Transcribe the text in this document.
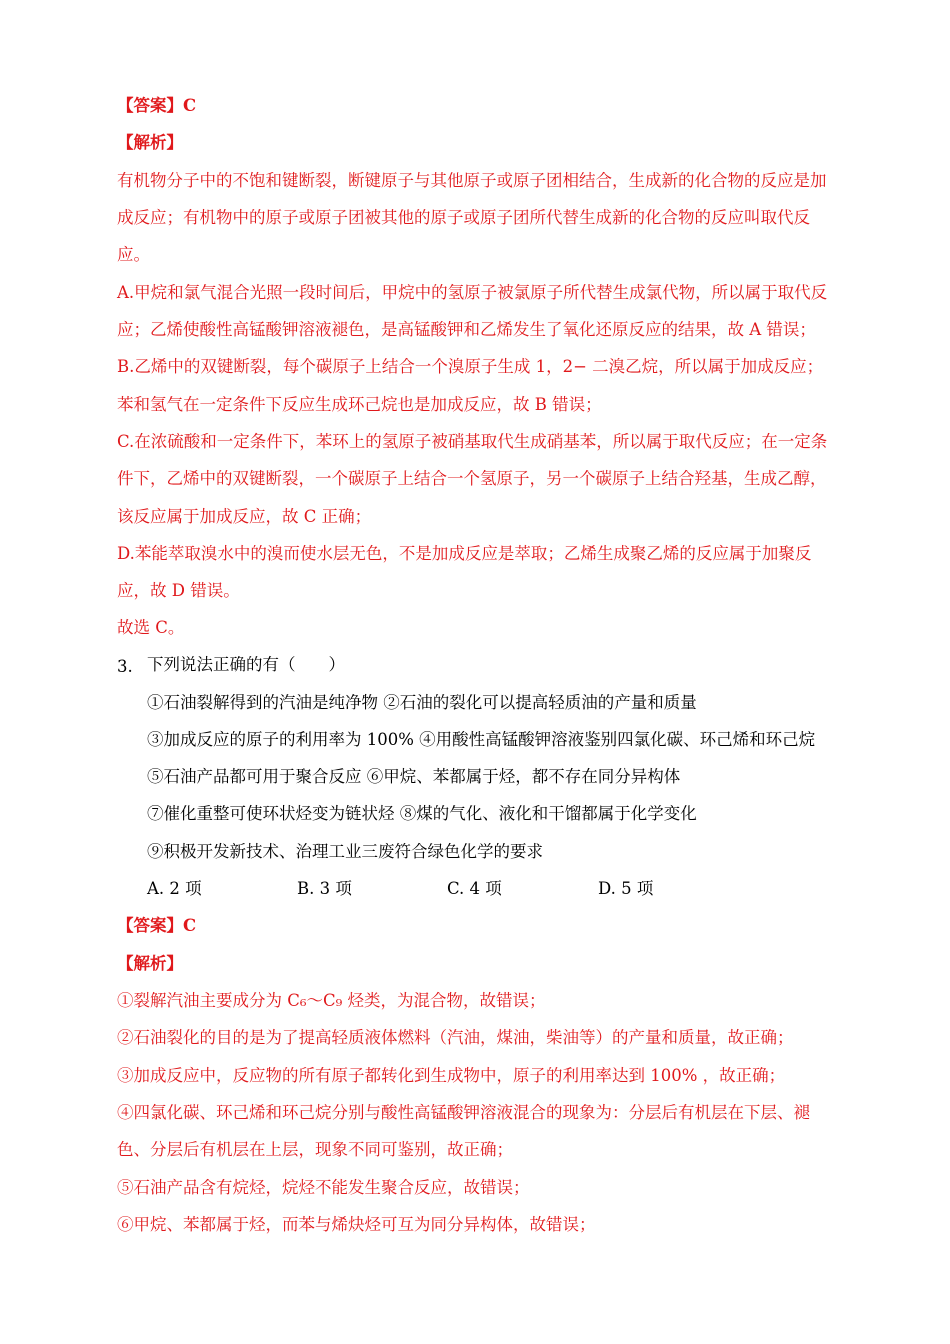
【答案】C
【解析】
有机物分子中的不饱和键断裂，断键原子与其他原子或原子团相结合，生成新的化合物的反应是加
成反应；有机物中的原子或原子团被其他的原子或原子团所代替生成新的化合物的反应叫取代反
应。
A.甲烷和氯气混合光照一段时间后，甲烷中的氢原子被氯原子所代替生成氯代物，所以属于取代反
应；乙烯使酸性高锰酸钾溶液褪色，是高锰酸钾和乙烯发生了氧化还原反应的结果，故 A 错误；
B.乙烯中的双键断裂，每个碳原子上结合一个溴原子生成 1，2− 二溴乙烷，所以属于加成反应；
苯和氢气在一定条件下反应生成环己烷也是加成反应，故 B 错误；
C.在浓硫酸和一定条件下，苯环上的氢原子被硝基取代生成硝基苯，所以属于取代反应；在一定条
件下，乙烯中的双键断裂，一个碳原子上结合一个氢原子，另一个碳原子上结合羟基，生成乙醇，
该反应属于加成反应，故 C 正确；
D.苯能萃取溴水中的溴而使水层无色，不是加成反应是萃取；乙烯生成聚乙烯的反应属于加聚反
应，故 D 错误。
故选 C。
3. 下列说法正确的有（　　）
①石油裂解得到的汽油是纯净物 ②石油的裂化可以提高轻质油的产量和质量
③加成反应的原子的利用率为 100% ④用酸性高锰酸钾溶液鉴别四氯化碳、环己烯和环己烷
⑤石油产品都可用于聚合反应 ⑥甲烷、苯都属于烃，都不存在同分异构体
⑦催化重整可使环状烃变为链状烃 ⑧煤的气化、液化和干馏都属于化学变化
⑨积极开发新技术、治理工业三废符合绿色化学的要求
A. 2 项	B. 3 项	C. 4 项	D. 5 项
【答案】C
【解析】
①裂解汽油主要成分为 C₆～C₉ 烃类，为混合物，故错误；
②石油裂化的目的是为了提高轻质液体燃料（汽油，煤油，柴油等）的产量和质量，故正确；
③加成反应中，反应物的所有原子都转化到生成物中，原子的利用率达到 100% ，故正确；
④四氯化碳、环己烯和环己烷分别与酸性高锰酸钾溶液混合的现象为：分层后有机层在下层、褪
色、分层后有机层在上层，现象不同可鉴别，故正确；
⑤石油产品含有烷烃，烷烃不能发生聚合反应，故错误；
⑥甲烷、苯都属于烃，而苯与烯炔烃可互为同分异构体，故错误；
